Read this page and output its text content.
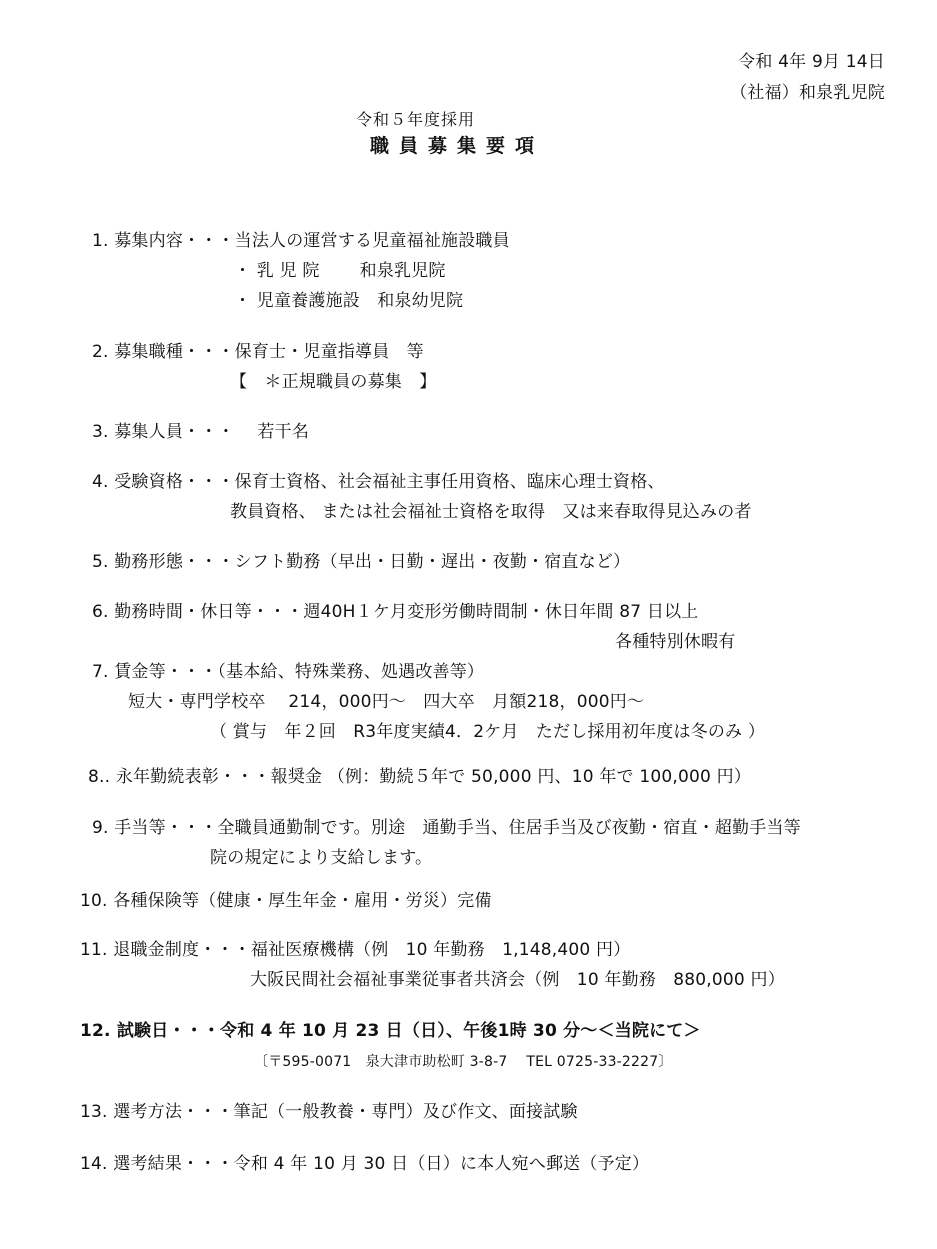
令和 4年 9月 14日
（社福）和泉乳児院
令和５年度採用
職員募集要項
1. 募集内容・・・当法人の運営する児童福祉施設職員
・ 乳 児 院　　 和泉乳児院
・ 児童養護施設　和泉幼児院
2. 募集職種・・・保育士・児童指導員　等
【　＊正規職員の募集　】
3. 募集人員・・・　 若干名
4. 受験資格・・・保育士資格、社会福祉主事任用資格、臨床心理士資格、
教員資格、 または社会福祉士資格を取得　又は来春取得見込みの者
5. 勤務形態・・・シフト勤務（早出・日勤・遅出・夜勤・宿直など）
6. 勤務時間・休日等・・・週40H１ケ月変形労働時間制・休日年間 87 日以上
各種特別休暇有
7. 賃金等・・・（基本給、特殊業務、処遇改善等）
短大・専門学校卒　 214，000円～　四大卒　月額218，000円～
（ 賞与　年２回　R3年度実績4．2ケ月　ただし採用初年度は冬のみ ）
8.. 永年勤続表彰・・・報奨金 （例：勤続５年で 50,000 円、10 年で 100,000 円）
9. 手当等・・・全職員通勤制です。別途　通勤手当、住居手当及び夜勤・宿直・超勤手当等
院の規定により支給します。
10. 各種保険等（健康・厚生年金・雇用・労災）完備
11. 退職金制度・・・福祉医療機構（例　10 年勤務　1,148,400 円）
大阪民間社会福祉事業従事者共済会（例　10 年勤務　880,000 円）
12. 試験日・・・令和 4 年 10 月 23 日（日）、午後1時 30 分～＜当院にて＞
〔〒595-0071　泉大津市助松町 3-8-7　 TEL 0725-33-2227〕
13. 選考方法・・・筆記（一般教養・専門）及び作文、面接試験
14. 選考結果・・・令和 4 年 10 月 30 日（日）に本人宛へ郵送（予定）
